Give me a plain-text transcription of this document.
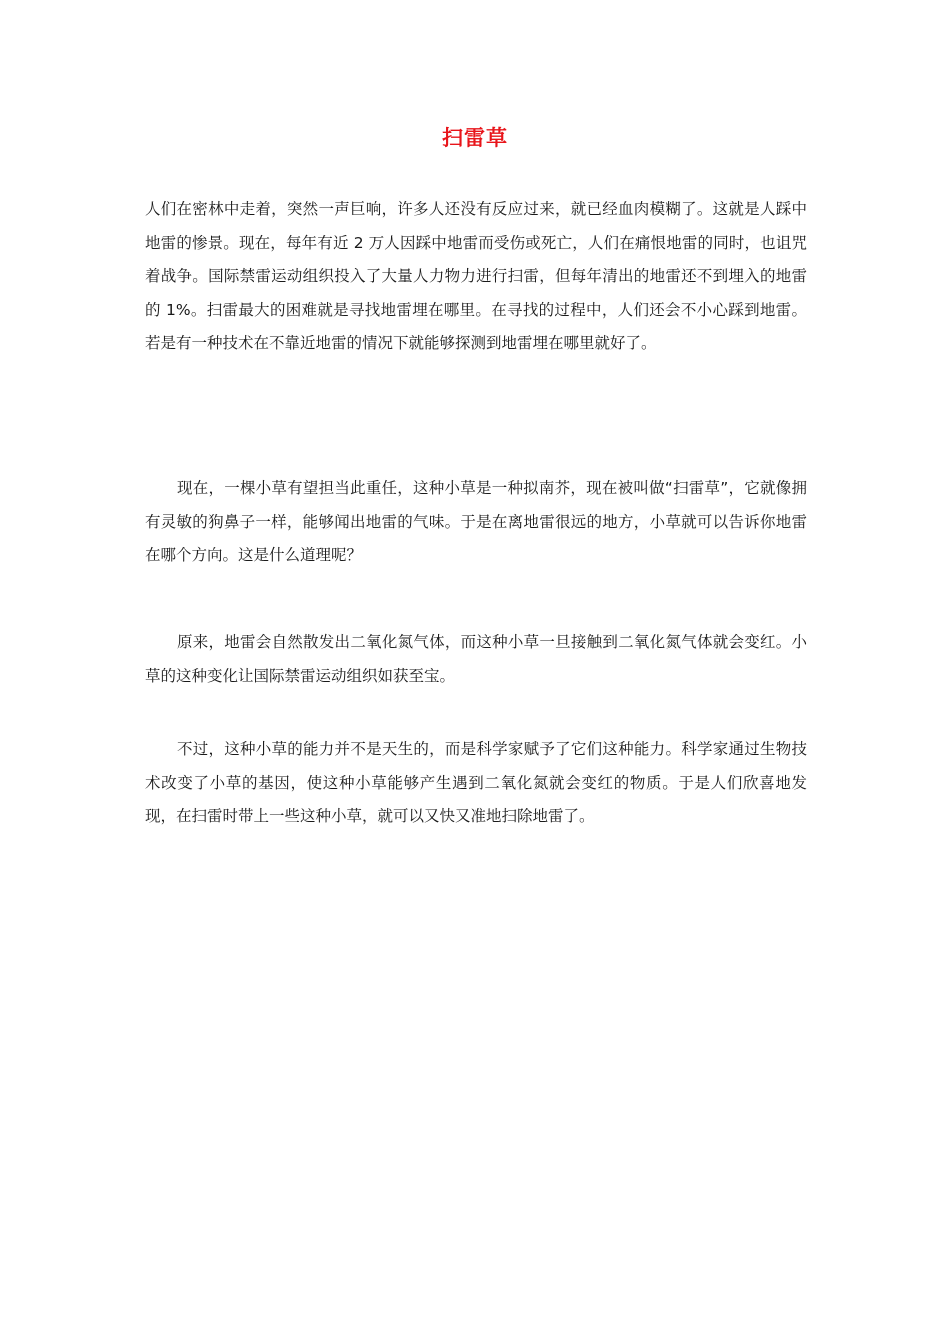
扫雷草
人们在密林中走着，突然一声巨响，许多人还没有反应过来，就已经血肉模糊了。这就是人踩中地雷的惨景。现在，每年有近 2 万人因踩中地雷而受伤或死亡，人们在痛恨地雷的同时，也诅咒着战争。国际禁雷运动组织投入了大量人力物力进行扫雷，但每年清出的地雷还不到埋入的地雷的 1%。扫雷最大的困难就是寻找地雷埋在哪里。在寻找的过程中，人们还会不小心踩到地雷。若是有一种技术在不靠近地雷的情况下就能够探测到地雷埋在哪里就好了。
现在，一棵小草有望担当此重任，这种小草是一种拟南芥，现在被叫做“扫雷草”，它就像拥有灵敏的狗鼻子一样，能够闻出地雷的气味。于是在离地雷很远的地方，小草就可以告诉你地雷在哪个方向。这是什么道理呢？
原来，地雷会自然散发出二氧化氮气体，而这种小草一旦接触到二氧化氮气体就会变红。小草的这种变化让国际禁雷运动组织如获至宝。
不过，这种小草的能力并不是天生的，而是科学家赋予了它们这种能力。科学家通过生物技术改变了小草的基因，使这种小草能够产生遇到二氧化氮就会变红的物质。于是人们欣喜地发现，在扫雷时带上一些这种小草，就可以又快又准地扫除地雷了。
